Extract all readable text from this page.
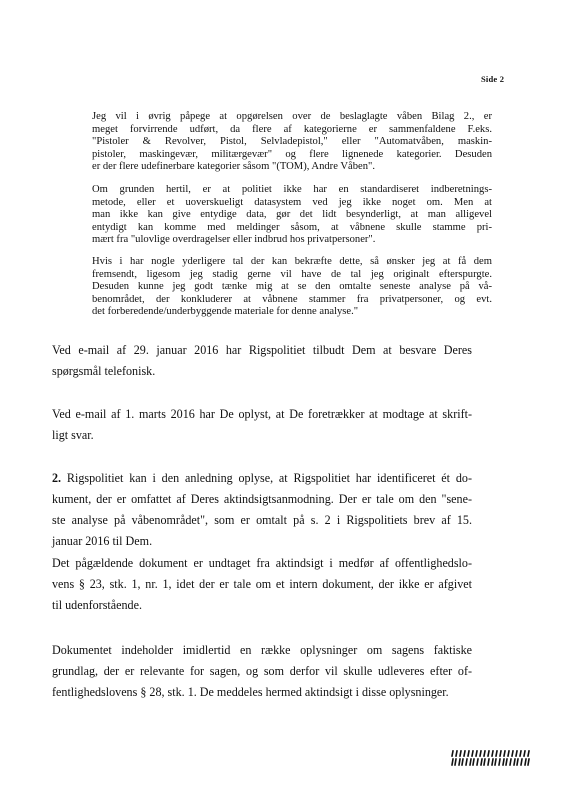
Side 2
Jeg vil i øvrig påpege at opgørelsen over de beslaglagte våben Bilag 2., er
meget forvirrende udført, da flere af kategorierne er sammenfaldene F.eks.
"Pistoler & Revolver, Pistol, Selvladepistol," eller "Automatvåben, maskin-
pistoler, maskingevær, militærgevær" og flere lignenede kategorier. Desuden
er der flere udefinerbare kategorier såsom "(TOM), Andre Våben".
Om grunden hertil, er at politiet ikke har en standardiseret indberetnings-
metode, eller et uoverskueligt datasystem ved jeg ikke noget om. Men at
man ikke kan give entydige data, gør det lidt besynderligt, at man alligevel
entydigt kan komme med meldinger såsom, at våbnene skulle stamme pri-
mært fra "ulovlige overdragelser eller indbrud hos privatpersoner".
Hvis i har nogle yderligere tal der kan bekræfte dette, så ønsker jeg at få dem
fremsendt, ligesom jeg stadig gerne vil have de tal jeg originalt efterspurgte.
Desuden kunne jeg godt tænke mig at se den omtalte seneste analyse på vå-
benområdet, der konkluderer at våbnene stammer fra privatpersoner, og evt.
det forberedende/underbyggende materiale for denne analyse."
Ved e-mail af 29. januar 2016 har Rigspolitiet tilbudt Dem at besvare Deres
spørgsmål telefonisk.
Ved e-mail af 1. marts 2016 har De oplyst, at De foretrækker at modtage at skrift-
ligt svar.
2. Rigspolitiet kan i den anledning oplyse, at Rigspolitiet har identificeret ét do-
kument, der er omfattet af Deres aktindsigtsanmodning. Der er tale om den "sene-
ste analyse på våbenområdet", som er omtalt på s. 2 i Rigspolitiets brev af 15.
januar 2016 til Dem.
Det pågældende dokument er undtaget fra aktindsigt i medfør af offentlighedslo-
vens § 23, stk. 1, nr. 1, idet der er tale om et intern dokument, der ikke er afgivet
til udenforstående.
Dokumentet indeholder imidlertid en række oplysninger om sagens faktiske
grundlag, der er relevante for sagen, og som derfor vil skulle udleveres efter of-
fentlighedslovens § 28, stk. 1. De meddeles hermed aktindsigt i disse oplysninger.
